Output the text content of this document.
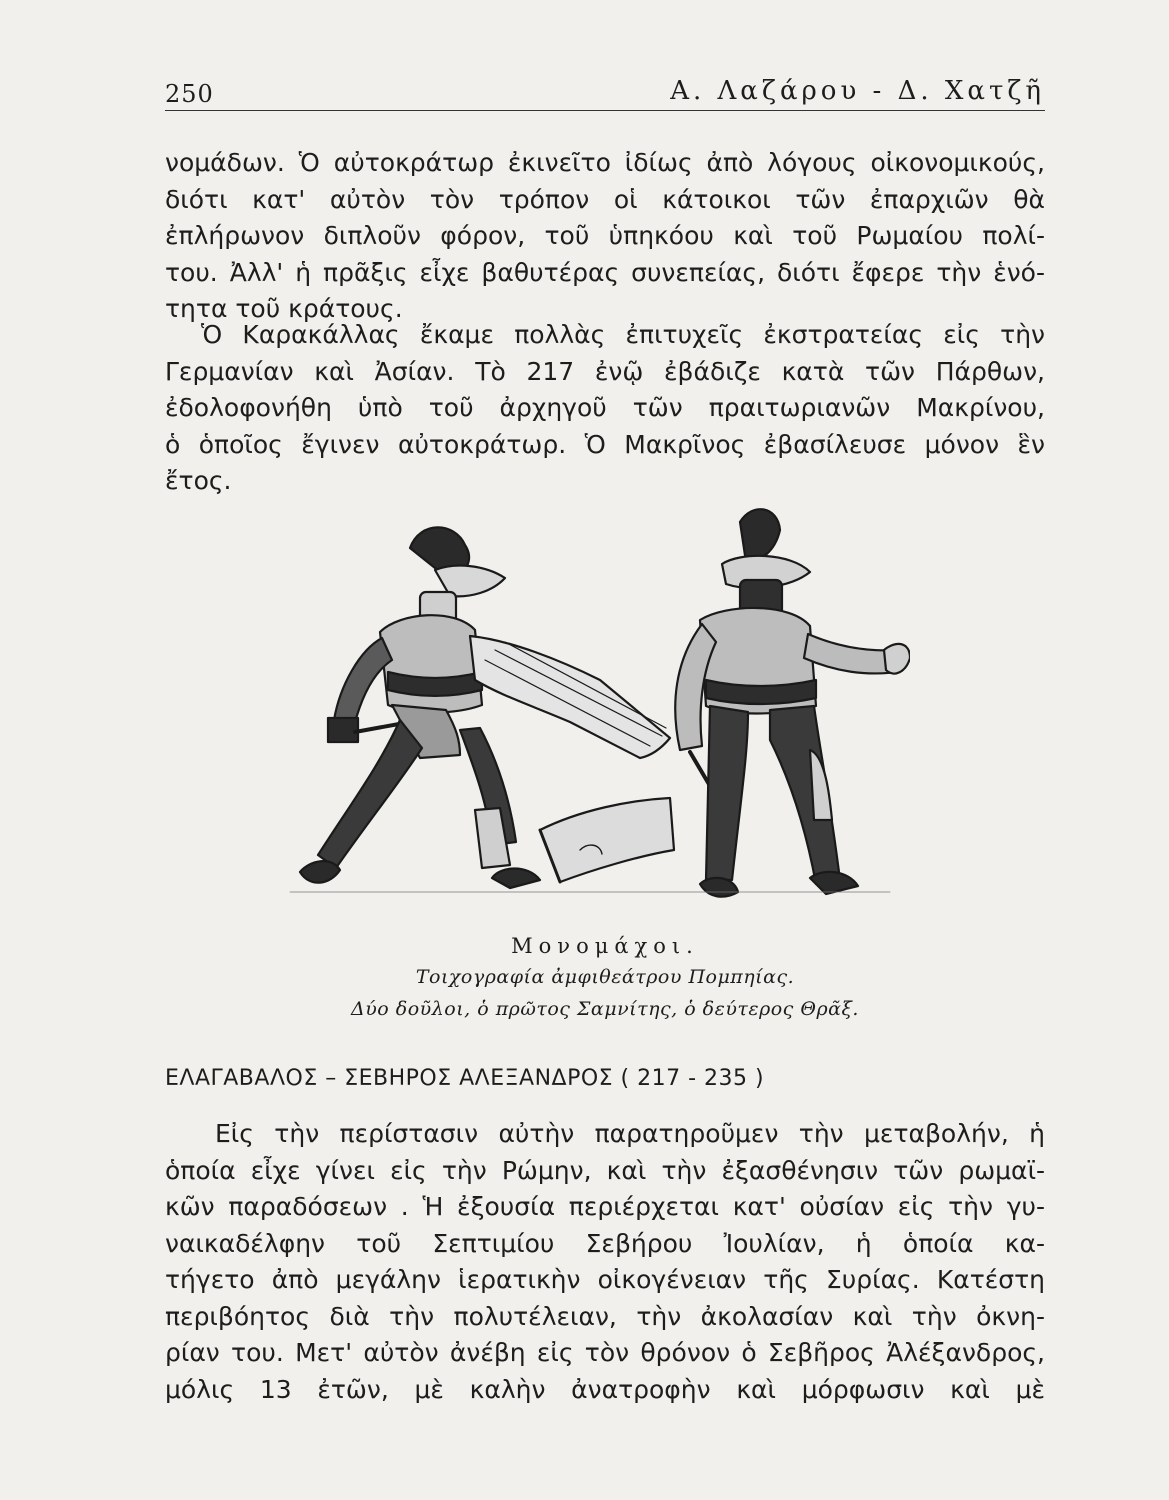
250	Α. Λαζάρου - Δ. Χατζῆ
νομάδων. Ὁ αὐτοκράτωρ ἐκινεῖτο ἰδίως ἀπὸ λόγους οἰκονομικούς,
διότι κατ' αὐτὸν τὸν τρόπον οἱ κάτοικοι τῶν ἐπαρχιῶν θὰ
ἐπλήρωνον διπλοῦν φόρον, τοῦ ὑπηκόου καὶ τοῦ Ρωμαίου πολί-
του. Ἀλλ' ἡ πρᾶξις εἶχε βαθυτέρας συνεπείας, διότι ἔφερε τὴν ἑνό-
τητα τοῦ κράτους.
Ὁ Καρακάλλας ἔκαμε πολλὰς ἐπιτυχεῖς ἐκστρατείας εἰς τὴν
Γερμανίαν καὶ Ἀσίαν. Τὸ 217 ἐνῷ ἐβάδιζε κατὰ τῶν Πάρθων,
ἐδολοφονήθη ὑπὸ τοῦ ἀρχηγοῦ τῶν πραιτωριανῶν Μακρίνου,
ὁ ὁποῖος ἔγινεν αὐτοκράτωρ. Ὁ Μακρῖνος ἐβασίλευσε μόνον ἓν
ἔτος.
Μονομάχοι.
Τοιχογραφία ἀμφιθεάτρου Πομπηίας.
Δύο δοῦλοι, ὁ πρῶτος Σαμνίτης, ὁ δεύτερος Θρᾶξ.
ΕΛΑΓΑΒΑΛΟΣ – ΣΕΒΗΡΟΣ ΑΛΕΞΑΝΔΡΟΣ ( 217 - 235 )
Εἰς τὴν περίστασιν αὐτὴν παρατηροῦμεν τὴν μεταβολήν, ἡ
ὁποία εἶχε γίνει εἰς τὴν Ρώμην, καὶ τὴν ἐξασθένησιν τῶν ρωμαϊ-
κῶν παραδόσεων . Ἡ ἐξουσία περιέρχεται κατ' οὐσίαν εἰς τὴν γυ-
ναικαδέλφην τοῦ Σεπτιμίου Σεβήρου Ἰουλίαν, ἡ ὁποία κα-
τήγετο ἀπὸ μεγάλην ἱερατικὴν οἰκογένειαν τῆς Συρίας. Κατέστη
περιβόητος διὰ τὴν πολυτέλειαν, τὴν ἀκολασίαν καὶ τὴν ὀκνη-
ρίαν του. Μετ' αὐτὸν ἀνέβη εἰς τὸν θρόνον ὁ Σεβῆρος Ἀλέξανδρος,
μόλις 13 ἐτῶν, μὲ καλὴν ἀνατροφὴν καὶ μόρφωσιν καὶ μὲ
